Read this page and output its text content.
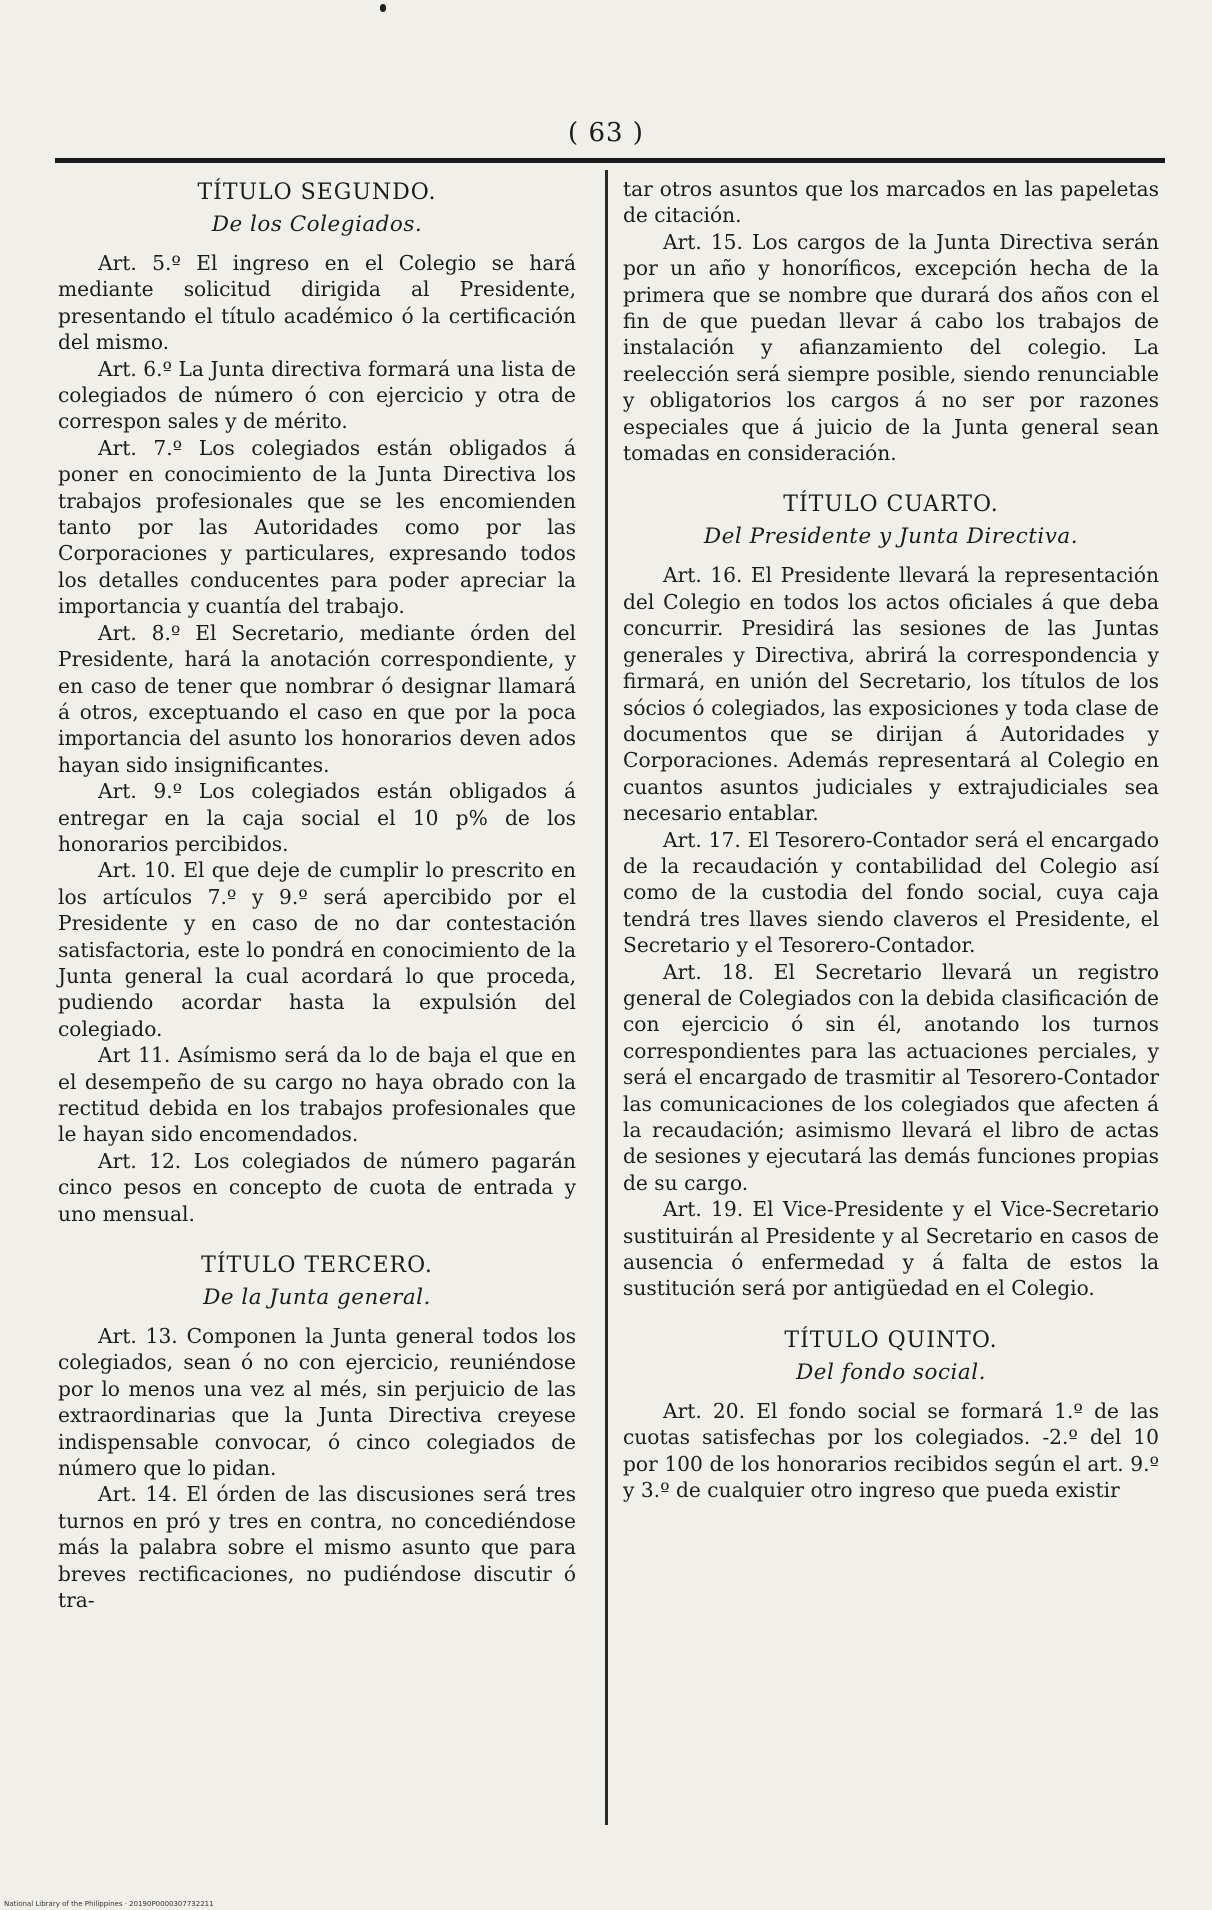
( 63 )
TÍTULO SEGUNDO.
De los Colegiados.

Art. 5.º El ingreso en el Colegio se hará mediante solicitud dirigida al Presidente, presentando el título académico ó la certificación del mismo.

Art. 6.º La Junta directiva formará una lista de colegiados de número ó con ejercicio y otra de correspon sales y de mérito.

Art. 7.º Los colegiados están obligados á poner en conocimiento de la Junta Directiva los trabajos profesionales que se les encomienden tanto por las Autoridades como por las Corporaciones y particulares, expresando todos los detalles conducentes para poder apreciar la importancia y cuantía del trabajo.

Art. 8.º El Secretario, mediante órden del Presidente, hará la anotación correspondiente, y en caso de tener que nombrar ó designar llamará á otros, exceptuando el caso en que por la poca importancia del asunto los honorarios deven ados hayan sido insignificantes.

Art. 9.º Los colegiados están obligados á entregar en la caja social el 10 p% de los honorarios percibidos.

Art. 10. El que deje de cumplir lo prescrito en los artículos 7.º y 9.º será apercibido por el Presidente y en caso de no dar contestación satisfactoria, este lo pondrá en conocimiento de la Junta general la cual acordará lo que proceda, pudiendo acordar hasta la expulsión del colegiado.

Art 11. Asímismo será da lo de baja el que en el desempeño de su cargo no haya obrado con la rectitud debida en los trabajos profesionales que le hayan sido encomendados.

Art. 12. Los colegiados de número pagarán cinco pesos en concepto de cuota de entrada y uno mensual.

TÍTULO TERCERO.
De la Junta general.

Art. 13. Componen la Junta general todos los colegiados, sean ó no con ejercicio, reuniéndose por lo menos una vez al més, sin perjuicio de las extraordinarias que la Junta Directiva creyese indispensable convocar, ó cinco colegiados de número que lo pidan.

Art. 14. El órden de las discusiones será tres turnos en pró y tres en contra, no concediéndose más la palabra sobre el mismo asunto que para breves rectificaciones, no pudiéndose discutir ó tra-

tar otros asuntos que los marcados en las papeletas de citación.

Art. 15. Los cargos de la Junta Directiva serán por un año y honoríficos, excepción hecha de la primera que se nombre que durará dos años con el fin de que puedan llevar á cabo los trabajos de instalación y afianzamiento del colegio. La reelección será siempre posible, siendo renunciable y obligatorios los cargos á no ser por razones especiales que á juicio de la Junta general sean tomadas en consideración.

TÍTULO CUARTO.
Del Presidente y Junta Directiva.

Art. 16. El Presidente llevará la representación del Colegio en todos los actos oficiales á que deba concurrir. Presidirá las sesiones de las Juntas generales y Directiva, abrirá la correspondencia y firmará, en unión del Secretario, los títulos de los sócios ó colegiados, las exposiciones y toda clase de documentos que se dirijan á Autoridades y Corporaciones. Además representará al Colegio en cuantos asuntos judiciales y extrajudiciales sea necesario entablar.

Art. 17. El Tesorero-Contador será el encargado de la recaudación y contabilidad del Colegio así como de la custodia del fondo social, cuya caja tendrá tres llaves siendo claveros el Presidente, el Secretario y el Tesorero-Contador.

Art. 18. El Secretario llevará un registro general de Colegiados con la debida clasificación de con ejercicio ó sin él, anotando los turnos correspondientes para las actuaciones perciales, y será el encargado de trasmitir al Tesorero-Contador las comunicaciones de los colegiados que afecten á la recaudación; asimismo llevará el libro de actas de sesiones y ejecutará las demás funciones propias de su cargo.

Art. 19. El Vice-Presidente y el Vice-Secretario sustituirán al Presidente y al Secretario en casos de ausencia ó enfermedad y á falta de estos la sustitución será por antigüedad en el Colegio.

TÍTULO QUINTO.
Del fondo social.

Art. 20. El fondo social se formará 1.º de las cuotas satisfechas por los colegiados. -2.º del 10 por 100 de los honorarios recibidos según el art. 9.º y 3.º de cualquier otro ingreso que pueda existir

National Library of the Philippines · 20190P0000307732211
